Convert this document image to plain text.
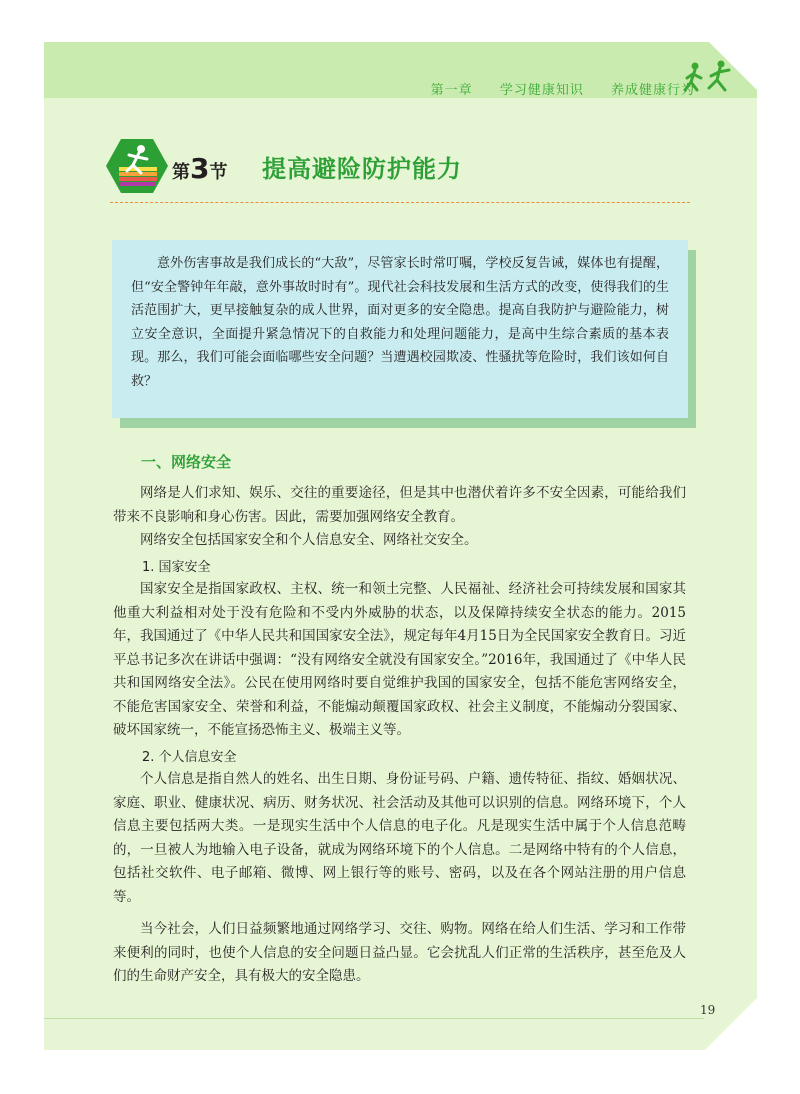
第一章 学习健康知识 养成健康行为
第3节 提高避险防护能力
意外伤害事故是我们成长的“大敌”，尽管家长时常叮嘱，学校反复告诫，媒体也有提醒，但“安全警钟年年敲，意外事故时时有”。现代社会科技发展和生活方式的改变，使得我们的生活范围扩大，更早接触复杂的成人世界，面对更多的安全隐患。提高自我防护与避险能力，树立安全意识，全面提升紧急情况下的自救能力和处理问题能力，是高中生综合素质的基本表现。那么，我们可能会面临哪些安全问题？当遭遇校园欺凌、性骚扰等危险时，我们该如何自救？
一、网络安全
网络是人们求知、娱乐、交往的重要途径，但是其中也潜伏着许多不安全因素，可能给我们带来不良影响和身心伤害。因此，需要加强网络安全教育。
网络安全包括国家安全和个人信息安全、网络社交安全。
1. 国家安全
国家安全是指国家政权、主权、统一和领土完整、人民福祉、经济社会可持续发展和国家其他重大利益相对处于没有危险和不受内外威胁的状态，以及保障持续安全状态的能力。2015年，我国通过了《中华人民共和国国家安全法》，规定每年4月15日为全民国家安全教育日。习近平总书记多次在讲话中强调：“没有网络安全就没有国家安全。”2016年，我国通过了《中华人民共和国网络安全法》。公民在使用网络时要自觉维护我国的国家安全，包括不能危害网络安全，不能危害国家安全、荣誉和利益，不能煽动颠覆国家政权、社会主义制度，不能煽动分裂国家、破坏国家统一，不能宣扬恐怖主义、极端主义等。
2. 个人信息安全
个人信息是指自然人的姓名、出生日期、身份证号码、户籍、遗传特征、指纹、婚姻状况、家庭、职业、健康状况、病历、财务状况、社会活动及其他可以识别的信息。网络环境下，个人信息主要包括两大类。一是现实生活中个人信息的电子化。凡是现实生活中属于个人信息范畴的，一旦被人为地输入电子设备，就成为网络环境下的个人信息。二是网络中特有的个人信息，包括社交软件、电子邮箱、微博、网上银行等的账号、密码，以及在各个网站注册的用户信息等。
当今社会，人们日益频繁地通过网络学习、交往、购物。网络在给人们生活、学习和工作带来便利的同时，也使个人信息的安全问题日益凸显。它会扰乱人们正常的生活秩序，甚至危及人们的生命财产安全，具有极大的安全隐患。
19
